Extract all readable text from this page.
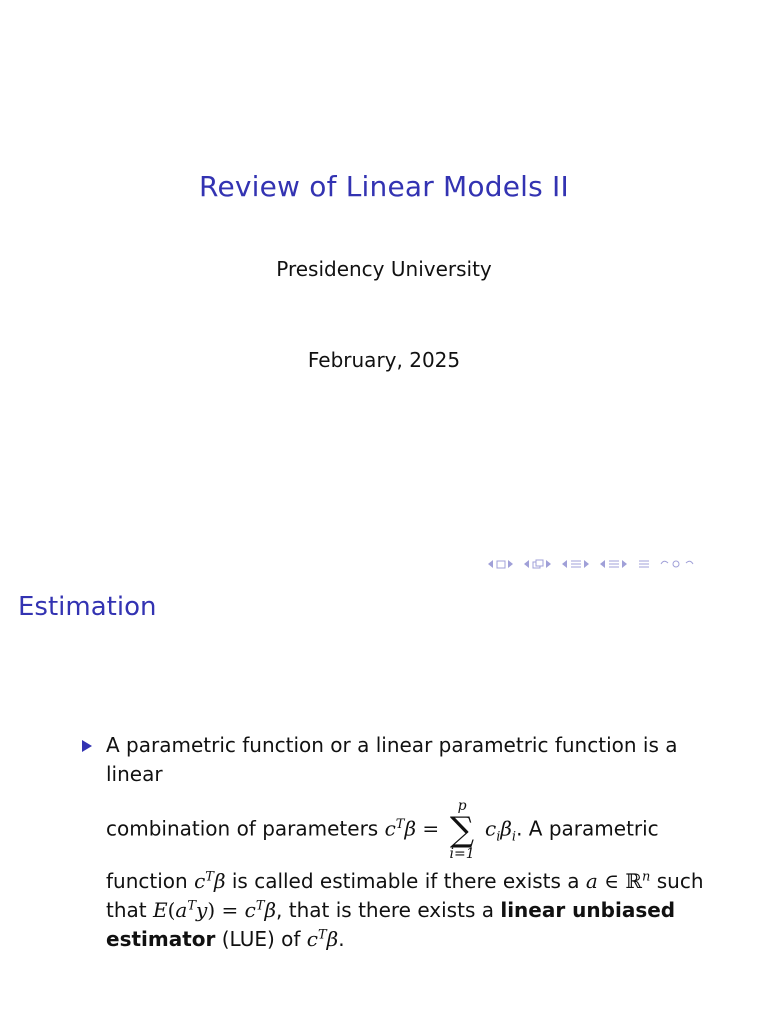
Review of Linear Models II
Presidency University
February, 2025
Estimation
A parametric function or a linear parametric function is a linear
combination of parameters $c^T\beta$ =
p
∑
i=1
$c_i\beta_i$. A parametric
function $c^T\beta$ is called estimable if there exists a a ∈ ℝ$^n$ such
that $E(a^Ty) = c^T\beta$, that is there exists a linear unbiased estimator (LUE) of $c^T\beta$.
